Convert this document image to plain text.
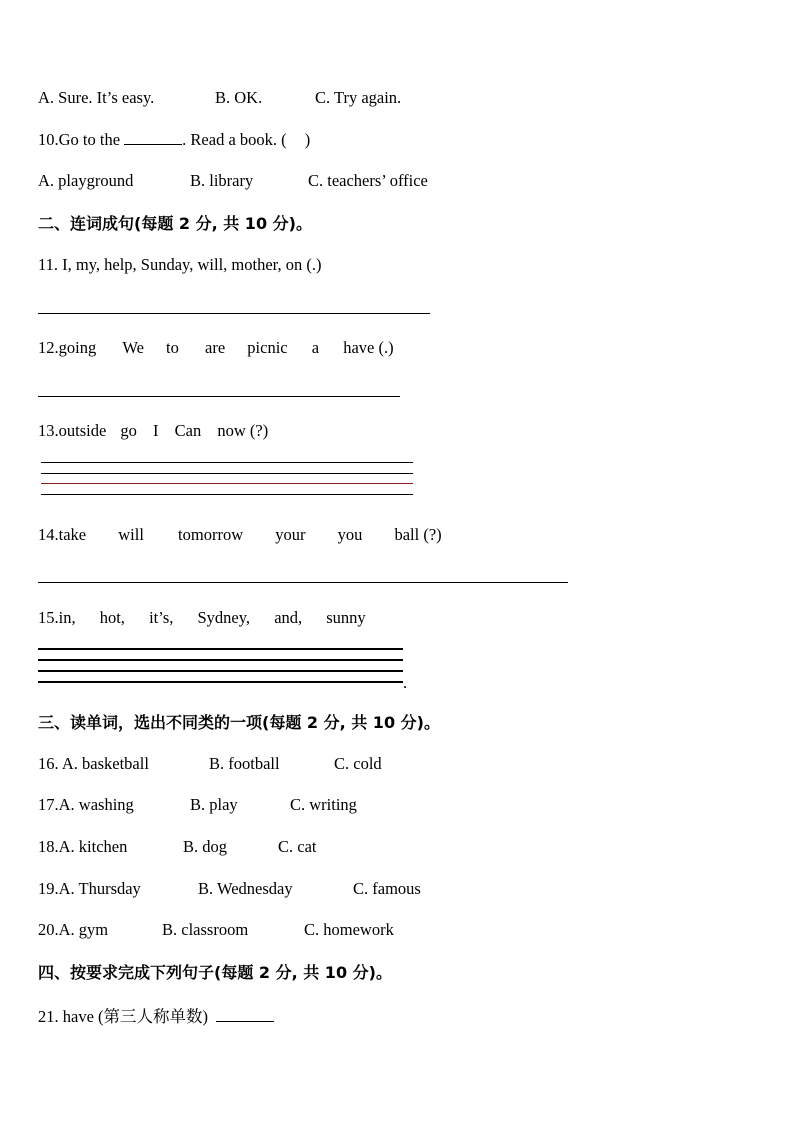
A. Sure. It’s easy.	B. OK.	C. Try again.
10.Go to the	. Read a book. ( )
A. playground	B. library	C. teachers’ office
二、连词成句(每题 2 分, 共 10 分)。
11. I, my, help, Sunday, will, mother, on (.)
12.going We to are picnic a have (.)
13.outside go I Can now (?)
14.take will tomorrow your you ball (?)
15.in, hot, it’s, Sydney, and, sunny
.
三、读单词，选出不同类的一项(每题 2 分, 共 10 分)。
16. A. basketball	B. football	C. cold
17.A. washing	B. play	C. writing
18.A. kitchen	B. dog	C. cat
19.A. Thursday	B. Wednesday	C. famous
20.A. gym	B. classroom	C. homework
四、按要求完成下列句子(每题 2 分, 共 10 分)。
21. have (第三人称单数)
